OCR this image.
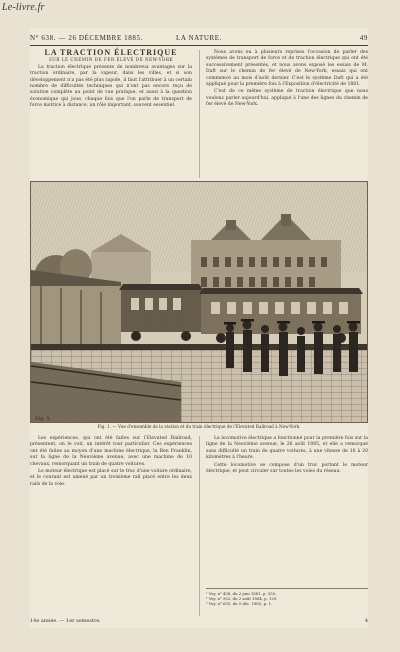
Le-livre.fr
N° 638. — 26 DÉCEMBRE 1885.	LA NATURE.	49

LA TRACTION ÉLECTRIQUE

SUR LE CHEMIN DE FER ÉLEVÉ DE NEW-YORK

La traction électrique présente de nombreux avantages sur la traction ordinaire, par la vapeur, dans les villes, et si son développement n'a pas été plus rapide, il faut l'attribuer à un certain nombre de difficultés techniques qui n'ont pas encore reçu de solution complète au point de vue pratique, et aussi à la question économique qui joue, chaque fois que l'on parle de transport de force motrice à distance, un rôle important, souvent essentiel.

Nous avons eu à plusieurs reprises l'occasion de parler des systèmes de transport de force et de traction électrique qui ont été successivement présentés, et nous avons exposé les essais de M. Daft sur le chemin de fer élevé de New-York, essais qui ont commencé au mois d'août dernier. C'est le système Daft qui a été appliqué pour la première fois à l'Exposition d'électricité de 1881.

C'est de ce même système de traction électrique que nous voulons parler aujourd'hui, appliqué à l'une des lignes du chemin de fer élevé de New-York.

Fig. 1.
Fig. 1. — Vue d'ensemble de la station et du train électrique de l'Elevated Railroad à New-York.

Les expériences, qui ont été faites sur l'Elevated Railroad, présentent, on le voit, un intérêt tout particulier. Ces expériences ont été faites au moyen d'une machine électrique, la Ben Franklin, sur la ligne de la Neuvième avenue, avec une machine de 10 chevaux, remorquant un train de quatre voitures.

Le moteur électrique est placé sur le truc d'une voiture ordinaire, et le courant est amené par un troisième rail placé entre les deux rails de la voie.

La locomotive électrique a fonctionné pour la première fois sur la ligne de la Neuvième avenue, le 26 août 1885, et elle a remorqué sans difficulté un train de quatre voitures, à une vitesse de 16 à 20 kilomètres à l'heure.

Cette locomotive se compose d'un truc portant le moteur électrique, et peut circuler sur toutes les voies du réseau.

¹ Voy. n° 438, du 2 juin 1881, p. 355.
² Voy. n° 502, du 2 août 1884, p. 129.
³ Voy. n° 635, du 5 déc. 1885, p. 1.
14e année. — 1er semestre.	4
